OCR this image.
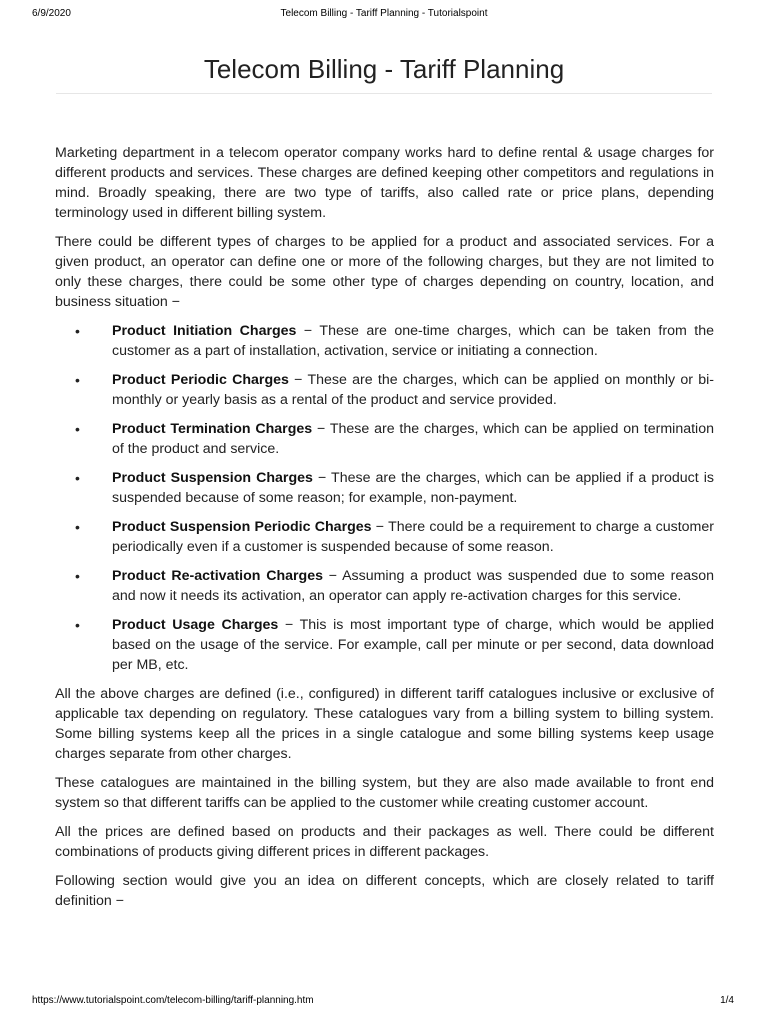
6/9/2020	Telecom Billing - Tariff Planning - Tutorialspoint
Telecom Billing - Tariff Planning

Marketing department in a telecom operator company works hard to define rental & usage charges for different products and services. These charges are defined keeping other competitors and regulations in mind. Broadly speaking, there are two type of tariffs, also called rate or price plans, depending terminology used in different billing system.

There could be different types of charges to be applied for a product and associated services. For a given product, an operator can define one or more of the following charges, but they are not limited to only these charges, there could be some other type of charges depending on country, location, and business situation −

• Product Initiation Charges − These are one-time charges, which can be taken from the customer as a part of installation, activation, service or initiating a connection.
• Product Periodic Charges − These are the charges, which can be applied on monthly or bi-monthly or yearly basis as a rental of the product and service provided.
• Product Termination Charges − These are the charges, which can be applied on termination of the product and service.
• Product Suspension Charges − These are the charges, which can be applied if a product is suspended because of some reason; for example, non-payment.
• Product Suspension Periodic Charges − There could be a requirement to charge a customer periodically even if a customer is suspended because of some reason.
• Product Re-activation Charges − Assuming a product was suspended due to some reason and now it needs its activation, an operator can apply re-activation charges for this service.
• Product Usage Charges − This is most important type of charge, which would be applied based on the usage of the service. For example, call per minute or per second, data download per MB, etc.

All the above charges are defined (i.e., configured) in different tariff catalogues inclusive or exclusive of applicable tax depending on regulatory. These catalogues vary from a billing system to billing system. Some billing systems keep all the prices in a single catalogue and some billing systems keep usage charges separate from other charges.

These catalogues are maintained in the billing system, but they are also made available to front end system so that different tariffs can be applied to the customer while creating customer account.

All the prices are defined based on products and their packages as well. There could be different combinations of products giving different prices in different packages.

Following section would give you an idea on different concepts, which are closely related to tariff definition −

https://www.tutorialspoint.com/telecom-billing/tariff-planning.htm	1/4
